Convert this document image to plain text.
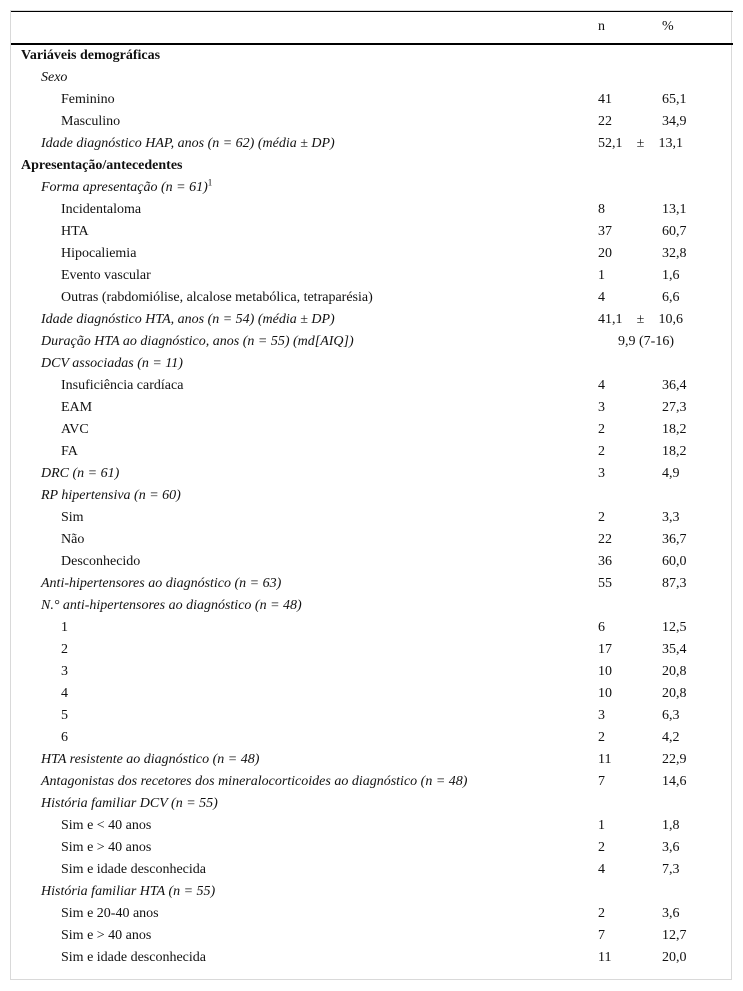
	n	%
Variáveis demográficas		
Sexo		
Feminino	41	65,1
Masculino	22	34,9
Idade diagnóstico HAP, anos (n = 62) (média ± DP)	52,1 ± 13,1	
Apresentação/antecedentes		
Forma apresentação (n = 61)$^1$		
Incidentaloma	8	13,1
HTA	37	60,7
Hipocaliemia	20	32,8
Evento vascular	1	1,6
Outras (rabdomiólise, alcalose metabólica, tetraparésia)	4	6,6
Idade diagnóstico HTA, anos (n = 54) (média ± DP)	41,1 ± 10,6	
Duração HTA ao diagnóstico, anos (n = 55) (md[AIQ])	9,9 (7-16)	
DCV associadas (n = 11)		
Insuficiência cardíaca	4	36,4
EAM	3	27,3
AVC	2	18,2
FA	2	18,2
DRC (n = 61)	3	4,9
RP hipertensiva (n = 60)		
Sim	2	3,3
Não	22	36,7
Desconhecido	36	60,0
Anti-hipertensores ao diagnóstico (n = 63)	55	87,3
N.° anti-hipertensores ao diagnóstico (n = 48)		
1	6	12,5
2	17	35,4
3	10	20,8
4	10	20,8
5	3	6,3
6	2	4,2
HTA resistente ao diagnóstico (n = 48)	11	22,9
Antagonistas dos recetores dos mineralocorticoides ao diagnóstico (n = 48)	7	14,6
História familiar DCV (n = 55)		
Sim e < 40 anos	1	1,8
Sim e > 40 anos	2	3,6
Sim e idade desconhecida	4	7,3
História familiar HTA (n = 55)		
Sim e 20-40 anos	2	3,6
Sim e > 40 anos	7	12,7
Sim e idade desconhecida	11	20,0
